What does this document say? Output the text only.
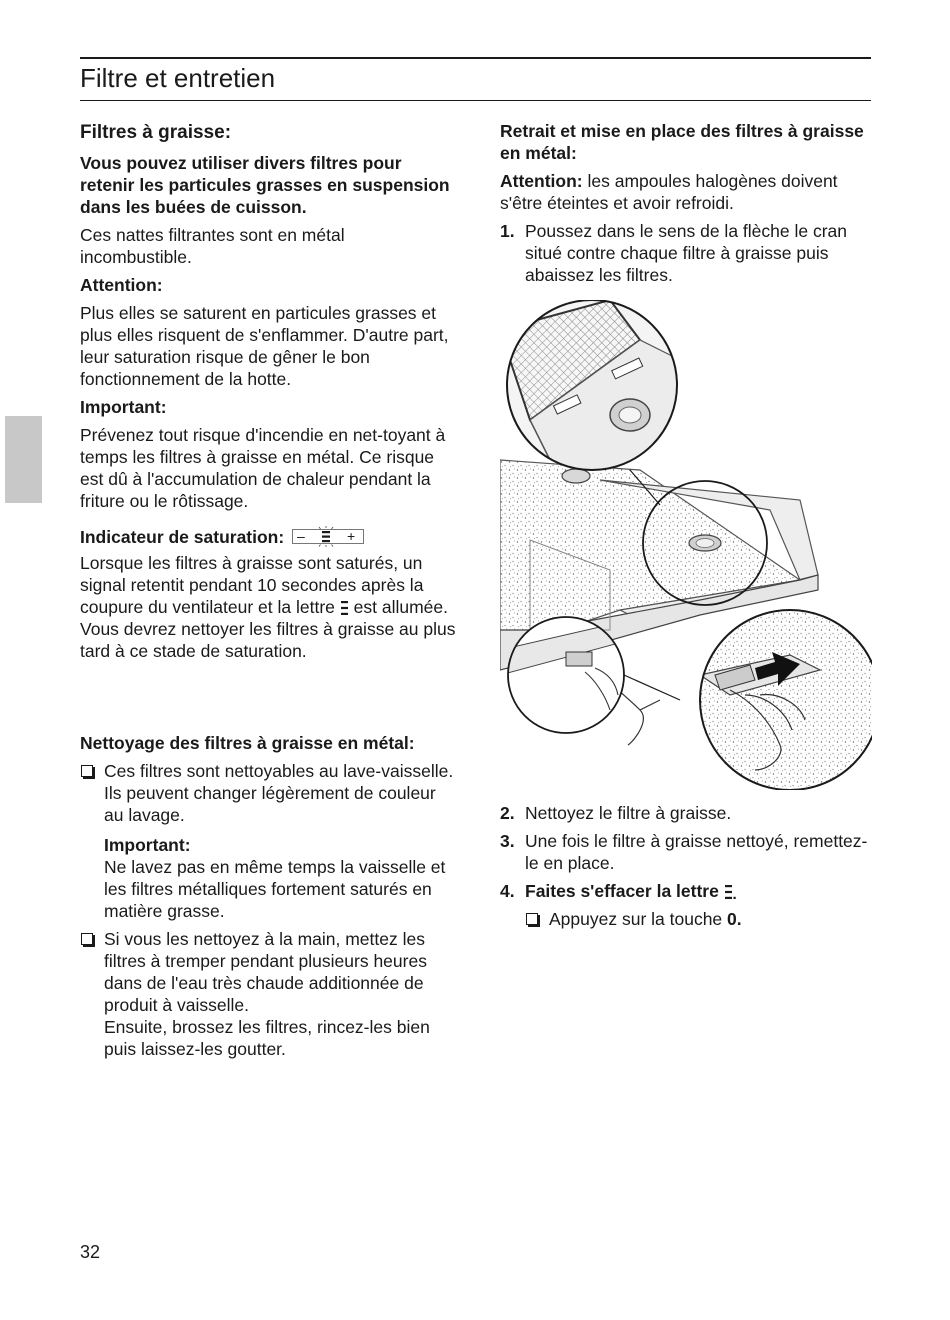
Filtre et entretien
Filtres à graisse:

Vous pouvez utiliser divers filtres pour retenir les particules grasses en suspension dans les buées de cuisson.

Ces nattes filtrantes sont en métal incombustible.

Attention:

Plus elles se saturent en particules grasses et plus elles risquent de s'enflammer. D'autre part, leur saturation risque de gêner le bon fonctionnement de la hotte.

Important:

Prévenez tout risque d'incendie en net-toyant à temps les filtres à graisse en métal. Ce risque est dû à l'accumulation de chaleur pendant la friture ou le rôtissage.

Indicateur de saturation: –	+

Lorsque les filtres à graisse sont saturés, un signal retentit pendant 10 secondes après la coupure du ventilateur et la lettre est allumée. Vous devrez nettoyer les filtres à graisse au plus tard à ce stade de saturation.

Nettoyage des filtres à graisse en métal:

Ces filtres sont nettoyables au lave-vaisselle. Ils peuvent changer légèrement de couleur au lavage.

Important:

Ne lavez pas en même temps la vaisselle et les filtres métalliques fortement saturés en matière grasse.

Si vous les nettoyez à la main, mettez les filtres à tremper pendant plusieurs heures dans de l'eau très chaude additionnée de produit à vaisselle.

Ensuite, brossez les filtres, rincez-les bien puis laissez-les goutter.

Retrait et mise en place des filtres à graisse en métal:

Attention: les ampoules halogènes doivent s'être éteintes et avoir refroidi.

1. Poussez dans le sens de la flèche le cran situé contre chaque filtre à graisse puis abaissez les filtres.
2. Nettoyez le filtre à graisse.
3. Une fois le filtre à graisse nettoyé, remettez-le en place.
4. Faites s'effacer la lettre
Appuyez sur la touche 0.
32
